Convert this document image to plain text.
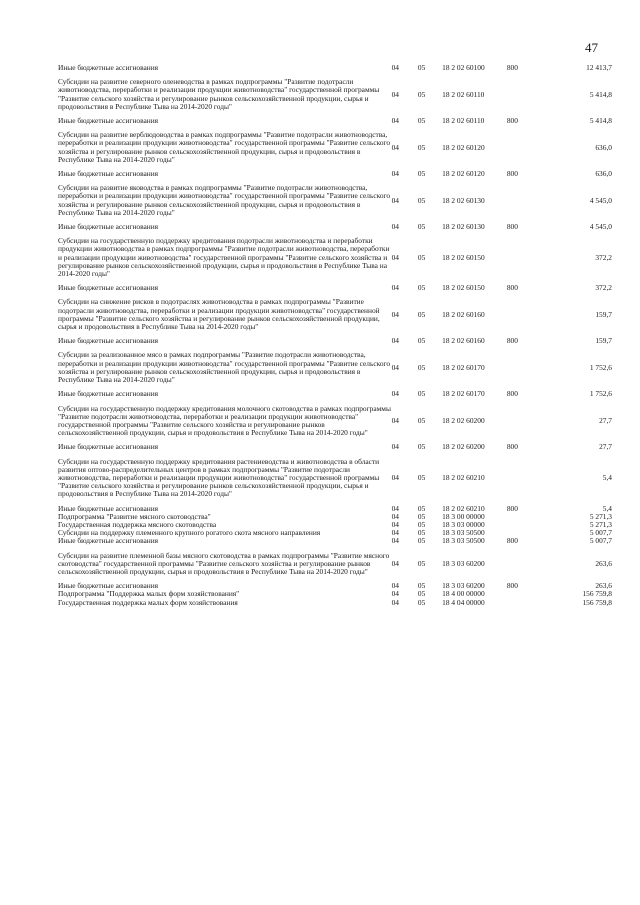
47
Иные бюджетные ассигнования	04	05	18 2 02 60100	800	12 413,7

Субсидии на развитие северного оленеводства в рамках подпрограммы "Развитие подотрасли животноводства, переработки и реализации продукции животноводства" государственной программы "Развитие сельского хозяйства и регулирование рынков сельскохозяйственной продукции, сырья и продовольствия в Республике Тыва на 2014-2020 годы"	04	05	18 2 02 60110		5 414,8

Иные бюджетные ассигнования	04	05	18 2 02 60110	800	5 414,8

Субсидии на развитие верблюдоводства в рамках подпрограммы "Развитие подотрасли животноводства, переработки и реализации продукции животноводства" государственной программы "Развитие сельского хозяйства и регулирование рынков сельскохозяйственной продукции, сырья и продовольствия в Республике Тыва на 2014-2020 годы"	04	05	18 2 02 60120		636,0

Иные бюджетные ассигнования	04	05	18 2 02 60120	800	636,0

Субсидии на развитие яководства в рамках подпрограммы "Развитие подотрасли животноводства, переработки и реализации продукции животноводства" государственной программы "Развитие сельского хозяйства и регулирование рынков сельскохозяйственной продукции, сырья и продовольствия в Республике Тыва на 2014-2020 годы"	04	05	18 2 02 60130		4 545,0

Иные бюджетные ассигнования	04	05	18 2 02 60130	800	4 545,0

Субсидии на государственную поддержку кредитования подотрасли животноводства и переработки продукции животноводства в рамках подпрограммы "Развитие подотрасли животноводства, переработки и реализации продукции животноводства" государственной программы "Развитие сельского хозяйства и регулирование рынков сельскохозяйственной продукции, сырья и продовольствия в Республике Тыва на 2014-2020 годы"	04	05	18 2 02 60150		372,2

Иные бюджетные ассигнования	04	05	18 2 02 60150	800	372,2

Субсидии на снижение рисков в подотраслях животноводства в рамках подпрограммы "Развитие подотрасли животноводства, переработки и реализации продукции животноводства" государственной программы "Развитие сельского хозяйства и регулирование рынков сельскохозяйственной продукции, сырья и продовольствия в Республике Тыва на 2014-2020 годы"	04	05	18 2 02 60160		159,7

Иные бюджетные ассигнования	04	05	18 2 02 60160	800	159,7

Субсидии за реализованное мясо в рамках подпрограммы "Развитие подотрасли животноводства, переработки и реализации продукции животноводства" государственной программы "Развитие сельского хозяйства и регулирование рынков сельскохозяйственной продукции, сырья и продовольствия в Республике Тыва на 2014-2020 годы"	04	05	18 2 02 60170		1 752,6

Иные бюджетные ассигнования	04	05	18 2 02 60170	800	1 752,6

Субсидии на государственную поддержку кредитования молочного скотоводства в рамках подпрограммы "Развитие подотрасли животноводства, переработки и реализации продукции животноводства" государственной программы "Развитие сельского хозяйства и регулирование рынков сельскохозяйственной продукции, сырья и продовольствия в Республике Тыва на 2014-2020 годы"	04	05	18 2 02 60200		27,7

Иные бюджетные ассигнования	04	05	18 2 02 60200	800	27,7

Субсидии на государственную поддержку кредитования растениеводства и животноводства в области развития оптово-распределительных центров в рамках подпрограммы "Развитие подотрасли животноводства, переработки и реализации продукции животноводства" государственной программы "Развитие сельского хозяйства и регулирование рынков сельскохозяйственной продукции, сырья и продовольствия в Республике Тыва на 2014-2020 годы"	04	05	18 2 02 60210		5,4

Иные бюджетные ассигнования	04	05	18 2 02 60210	800	5,4
Подпрограмма "Развитие мясного скотоводства"	04	05	18 3 00 00000		5 271,3
Государственная поддержка мясного скотоводства	04	05	18 3 03 00000		5 271,3
Субсидии на поддержку племенного крупного рогатого скота мясного направления	04	05	18 3 03 50500		5 007,7
Иные бюджетные ассигнования	04	05	18 3 03 50500	800	5 007,7

Субсидии на развитие племенной базы мясного скотоводства в рамках подпрограммы "Развитие мясного скотоводства" государственной программы "Развитие сельского хозяйства и регулирование рынков сельскохозяйственной продукции, сырья и продовольствия в Республике Тыва на 2014-2020 годы"	04	05	18 3 03 60200		263,6

Иные бюджетные ассигнования	04	05	18 3 03 60200	800	263,6
Подпрограмма "Поддержка малых форм хозяйствования"	04	05	18 4 00 00000		156 759,8
Государственная поддержка малых форм хозяйствования	04	05	18 4 04 00000		156 759,8
